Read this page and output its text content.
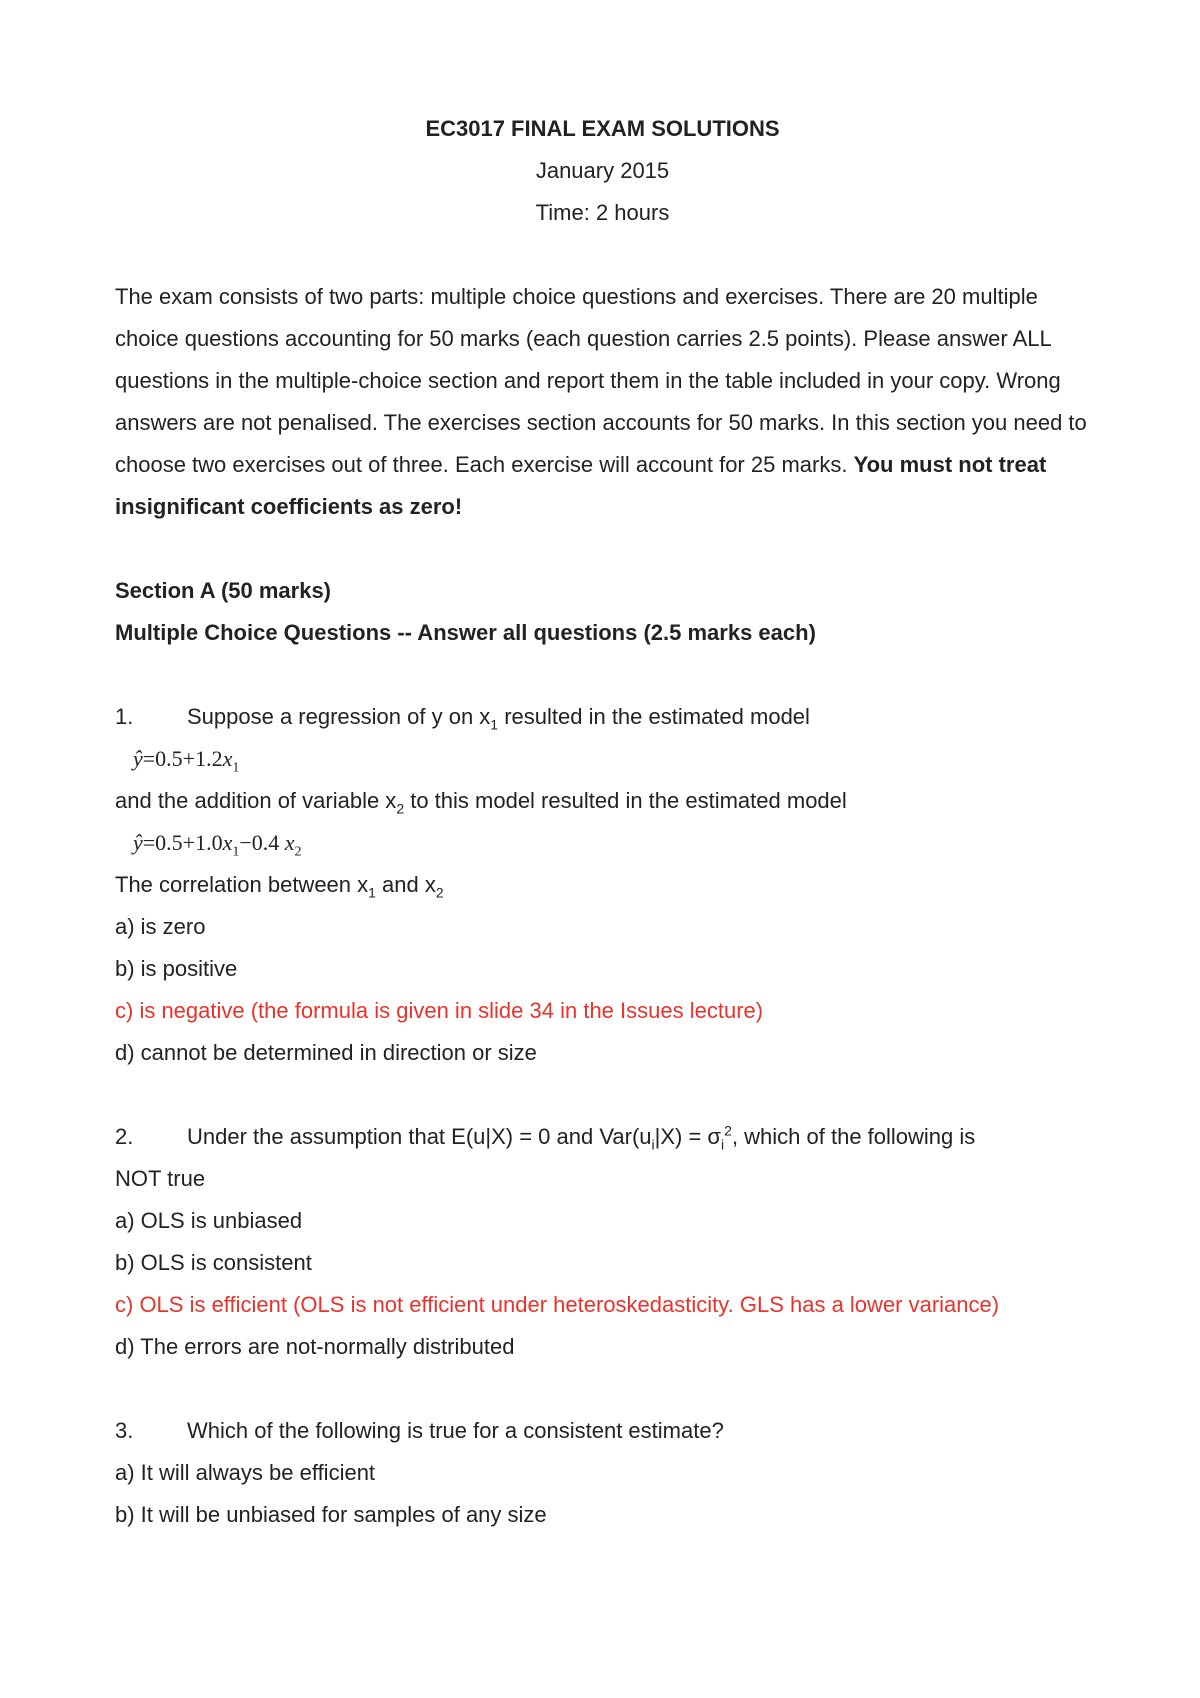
EC3017 FINAL EXAM SOLUTIONS
January 2015
Time: 2 hours
The exam consists of two parts: multiple choice questions and exercises. There are 20 multiple choice questions accounting for 50 marks (each question carries 2.5 points). Please answer ALL questions in the multiple-choice section and report them in the table included in your copy. Wrong answers are not penalised. The exercises section accounts for 50 marks. In this section you need to choose two exercises out of three. Each exercise will account for 25 marks. You must not treat insignificant coefficients as zero!
Section A (50 marks)
Multiple Choice Questions -- Answer all questions (2.5 marks each)
1. Suppose a regression of y on $x_1$ resulted in the estimated model
$ŷ=0.5+1.2x_1$
and the addition of variable $x_2$ to this model resulted in the estimated model
$ŷ=0.5+1.0x_1-0.4$ $x_2$
The correlation between $x_1$ and $x_2$
a) is zero
b) is positive
c) is negative (the formula is given in slide 34 in the Issues lecture)
d) cannot be determined in direction or size
2. Under the assumption that E(u|X) = 0 and $Var(u_i|X) = \sigma_i^2$, which of the following is
NOT true
a) OLS is unbiased
b) OLS is consistent
c) OLS is efficient (OLS is not efficient under heteroskedasticity. GLS has a lower variance)
d) The errors are not-normally distributed
3. Which of the following is true for a consistent estimate?
a) It will always be efficient
b) It will be unbiased for samples of any size
